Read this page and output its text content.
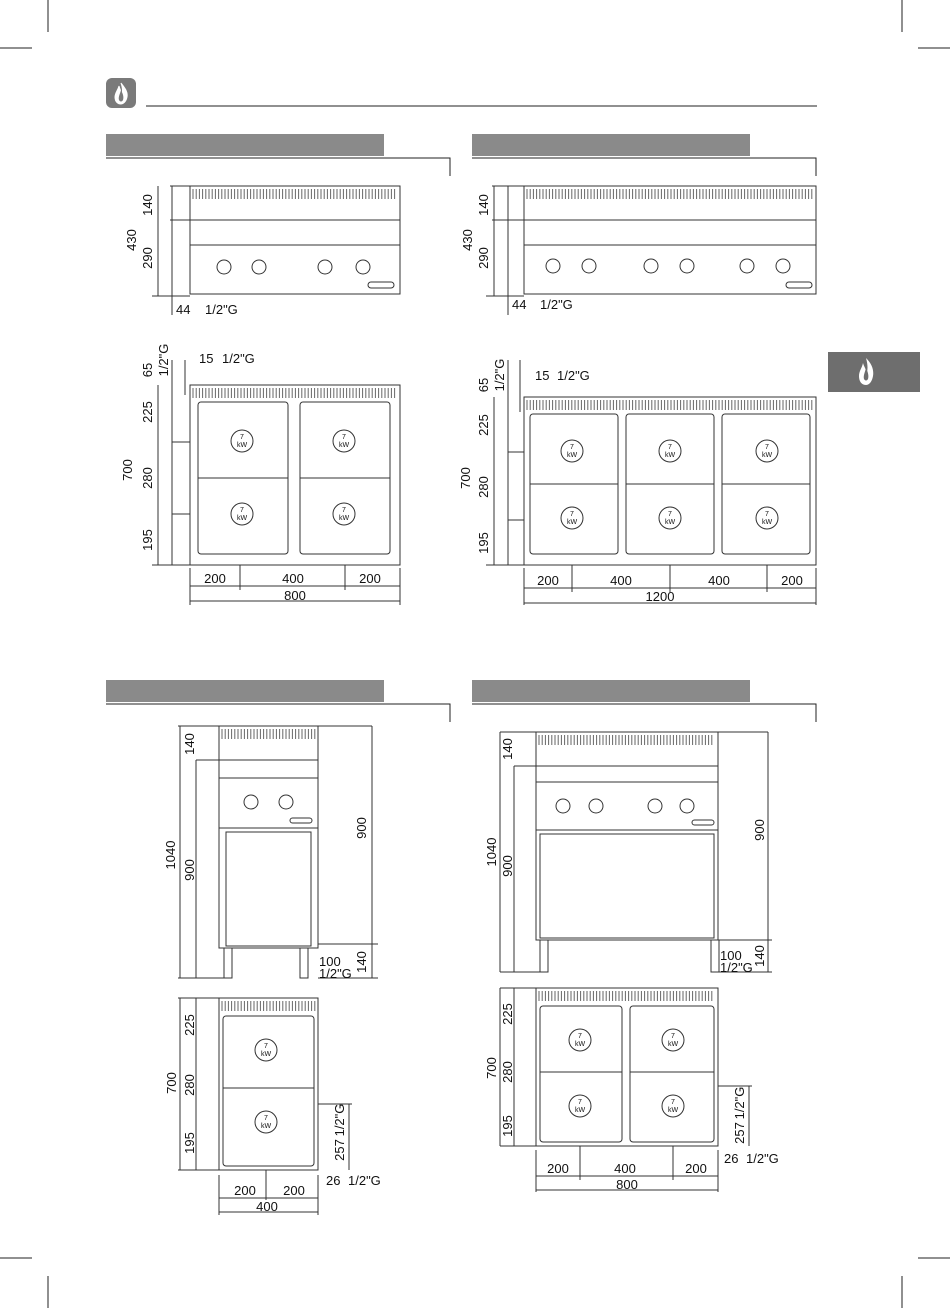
430
140
290
44 1/2"G
7
kW
7
kW
7
kW
7
kW
15 1/2"G
65 1/2"G
700
225
280
195
200	400	200
800
430
140
290
44 1/2"G
7
kW
7
kW
7
kW
7
kW
7
kW
7
kW
15 1/2"G
65 1/2"G
700
225
280
195
200	400	400	200
1200
1040
140
900
900
100
1/2"G
140
7
kW
7
kW
700
225
280
195	257
1/2"G
26 1/2"G
200 200
400
1040
140
900
900
100
1/2"G
140
7
kW
7
kW
7
kW
7
kW
700
225
280
195	257
1/2"G
26 1/2"G
200	400	200
800
